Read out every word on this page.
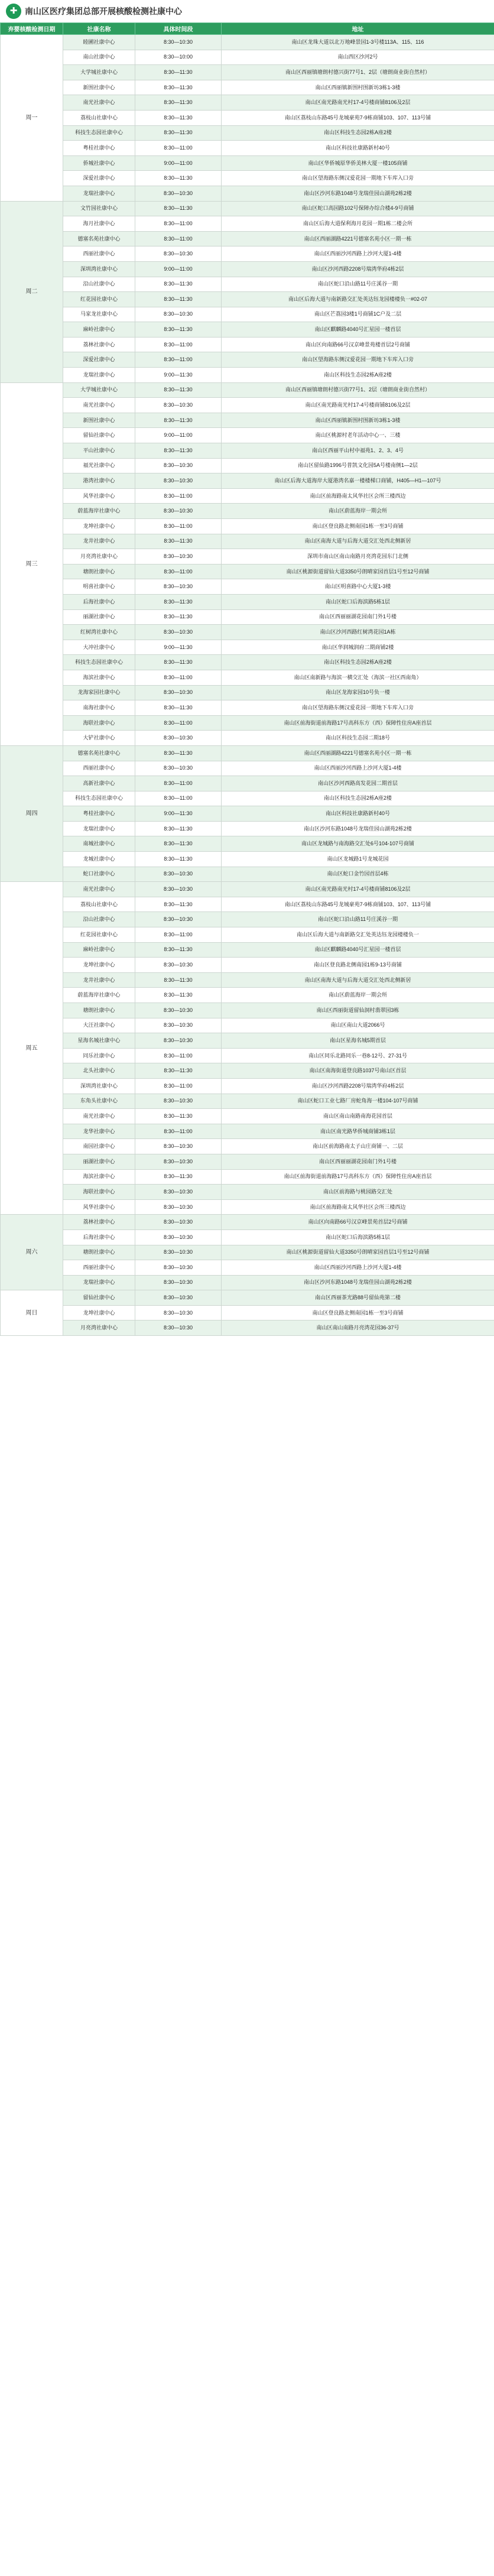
✚ 南山区医疗集团总部开展核酸检测社康中心
弃婴核酸检测日期	社康名称	具体时间段	地址
周一	睦圃社康中心	8:30—10:30	南山区龙珠大道以北万地峰景园1-3号楼113A、115、116
	南山社康中心	8:30—10:00	南山西区沙河2号
	大学城社康中心	8:30—11:30	南山区西丽镇塘朗村德兴街77号1、2层（塘朗商业街自然村）
	新围社康中心	8:30—11:30	南山区西丽镇新围村围新坊3栋1-3楼
	南光社康中心	8:30—11:30	南山区南光路南光村17-4号楼商铺8106及2层
	荔枝山社康中心	8:30—11:30	南山区荔枝山东路45号龙城豪苑7-9栋商铺103、107、113号铺
	科技生态园社康中心	8:30—11:30	南山区科技生态园2栋A座2楼
	粤桂社康中心	8:30—11:00	南山区科技社康路新村40号
	侨城社康中心	9:00—11:00	南山区华侨城原华侨美林大厦一楼105商铺
	深爱社康中心	8:30—11:30	南山区望海路东侧汉爱花园一期地下车库入口旁
	龙瑞社康中心	8:30—10:30	南山区沙河东路1048号龙瑞佳园山湖苑2栋2楼
周二	文竹园社康中心	8:30—11:30	南山区蛇口高园路102号保障办综合楼4-9号商铺
	海月社康中心	8:30—11:00	南山区后海大道保利海月花园一期1栋二楼会所
	德塞名苑社康中心	8:30—11:00	南山区西丽湖路4221号德塞名苑小区一期一栋
	西丽社康中心	8:30—10:30	南山区西丽沙河西路上沙河大厦1-4楼
	深圳湾社康中心	9:00—11:00	南山区沙河西路2208号瑞湾华府4栋2层
	沿山社康中心	8:30—11:30	南山区蛇口沿山路11号庄溪谷一期
	红花园社康中心	8:30—11:30	南山区后海大道与南新路交汇处英达钰龙园楼楼负一#02-07
	马家龙社康中心	8:30—10:30	南山区芒荔园3楼1号商铺1C户及二层
	麻岭社康中心	8:30—11:30	南山区麒麟路4040号汇星园一楼首层
	荔林社康中心	8:30—11:00	南山区向南路66号汉京峰景苑楼首层2号商铺
	深爱社康中心	8:30—11:00	南山区望海路东侧汉爱花园一期地下车库入口旁
	龙瑞社康中心	9:00—11:30	南山区科技生态园2栋A座2楼
周三	大学城社康中心	8:30—11:30	南山区西丽镇塘朗村德兴街77号1、2层（塘朗商业街自然村）
	南光社康中心	8:30—10:30	南山区南光路南光村17-4号楼商铺8106及2层
	新围社康中心	8:30—11:30	南山区西丽镇新围村围新坊3栋1-3楼
	留仙社康中心	9:00—11:00	南山区桃源村老年活动中心一、三楼
	平山社康中心	8:30—11:30	南山区西丽平山村中福苑1、2、3、4号
	福光社康中心	8:30—10:30	南山区留仙路1996号普凯文化园5A号楼南侧1—2层
	港湾社康中心	8:30—10:30	南山区后海大道海岸大厦港湾名嘉一楼楼梯口商铺，H405—H1—107号
	风华社康中心	8:30—11:00	南山区前海路南太风华社区会所三楼西边
	蔚蓝海岸社康中心	8:30—10:30	南山区蔚蓝海岸一期会所
	龙坤社康中心	8:30—11:00	南山区登良路北侧南园1栋一至3号商铺
	龙井社康中心	8:30—11:30	南山区南海大道与后海大道交汇处西北侧新居
	月亮湾社康中心	8:30—10:30	深圳市南山区南山南路月亮湾花园东门北侧
	塘朗社康中心	8:30—11:00	南山区桃源街道留仙大道3350号朗晴家园首层1号至12号商铺
	明喜社康中心	8:30—10:30	南山区明喜路中心大厦1-3楼
	后海社康中心	8:30—11:30	南山区蛇口后海滨路5栋1层
	丽湖社康中心	8:30—11:30	南山区西丽丽湖花园南门外1号楼
	红树湾社康中心	8:30—10:30	南山区沙河西路红树湾花园1A栋
	大冲社康中心	9:00—11:30	南山区华润城润府二期商铺2楼
	科技生态园社康中心	8:30—11:30	南山区科技生态园2栋A座2楼
	海滨社康中心	8:30—11:00	南山区南新路与海滨一横交汇处（海滨一社区西南角）
	龙海家园社康中心	8:30—10:30	南山区龙海家园10号负一楼
	南海社康中心	8:30—11:30	南山区望海路东侧汉爱花园一期地下车库入口旁
	海联社康中心	8:30—11:00	南山区前海街道前海路17号高科东方（西）保障性住房A座首层
	大铲社康中心	8:30—10:30	南山区科技生态园二期18号
周四	德塞名苑社康中心	8:30—11:30	南山区西丽湖路4221号德塞名苑小区一期一栋
	西丽社康中心	8:30—10:30	南山区西丽沙河西路上沙河大厦1-4楼
	高新社康中心	8:30—11:00	南山区沙河西路高发花园二期首层
	科技生态园社康中心	8:30—11:00	南山区科技生态园2栋A座2楼
	粤桂社康中心	9:00—11:30	南山区科技社康路新村40号
	龙瑞社康中心	8:30—11:30	南山区沙河东路1048号龙瑞佳园山湖苑2栋2楼
	南城社康中心	8:30—11:30	南山区龙城路与南海路交汇处6号104-107号商铺
	龙城社康中心	8:30—11:30	南山区龙城路1号龙城花园
	蛇口社康中心	8:30—10:30	南山区蛇口金竹园首层4栋
周五	南光社康中心	8:30—10:30	南山区南光路南光村17-4号楼商铺8106及2层
	荔枝山社康中心	8:30—11:30	南山区荔枝山东路45号龙城豪苑7-9栋商铺103、107、113号铺
	沿山社康中心	8:30—10:30	南山区蛇口沿山路11号庄溪谷一期
	红花园社康中心	8:30—11:00	南山区后海大道与南新路交汇处英达钰龙园楼楼负一
	麻岭社康中心	8:30—11:30	南山区麒麟路4040号汇星园一楼首层
	龙坤社康中心	8:30—10:30	南山区登良路北侧南园1栋9-13号商铺
	龙井社康中心	8:30—11:30	南山区南海大道与后海大道交汇处西北侧新居
	蔚蓝海岸社康中心	8:30—11:30	南山区蔚蓝海岸一期会所
	塘朗社康中心	8:30—10:30	南山区西丽街道留仙洞村翡翠园3栋
	大汪社康中心	8:30—10:30	南山区南山大道2066号
	星海名城社康中心	8:30—10:30	南山区星海名城5期首层
	同乐社康中心	8:30—11:00	南山区同乐北路同乐一巷8-12号、27-31号
	北头社康中心	8:30—11:30	南山区南海街道登良路1037号南山区首层
	深圳湾社康中心	8:30—11:00	南山区沙河西路2208号瑞湾华府4栋2层
	东角头社康中心	8:30—10:30	南山区蛇口工业七路厂房蛇角海一楼104-107号商铺
	南光社康中心	8:30—11:30	南山区南山南路南海花园首层
	龙华社康中心	8:30—11:00	南山区南光路华侨城商铺3栋1层
	南园社康中心	8:30—10:30	南山区前海路南太子山庄商铺一、二层
	丽湖社康中心	8:30—10:30	南山区西丽丽湖花园南门外1号楼
	海滨社康中心	8:30—11:30	南山区前海街道前海路17号高科东方（西）保障性住房A座首层
	海联社康中心	8:30—10:30	南山区前海路与桃园路交汇处
	风华社康中心	8:30—10:30	南山区前海路南太风华社区会所三楼西边
周六	荔林社康中心	8:30—10:30	南山区向南路66号汉京峰景苑首层2号商铺
	后海社康中心	8:30—10:30	南山区蛇口后海滨路5栋1层
	塘朗社康中心	8:30—10:30	南山区桃源街道留仙大道3350号朗晴家园首层1号至12号商铺
	西丽社康中心	8:30—10:30	南山区西丽沙河西路上沙河大厦1-4楼
	龙瑞社康中心	8:30—10:30	南山区沙河东路1048号龙瑞佳园山湖苑2栋2楼
周日	留仙社康中心	8:30—10:30	南山区西丽茶光路88号留仙苑第二楼
	龙坤社康中心	8:30—10:30	南山区登良路北侧南园1栋一至3号商铺
	月亮湾社康中心	8:30—10:30	南山区南山南路月亮湾花园36-37号
